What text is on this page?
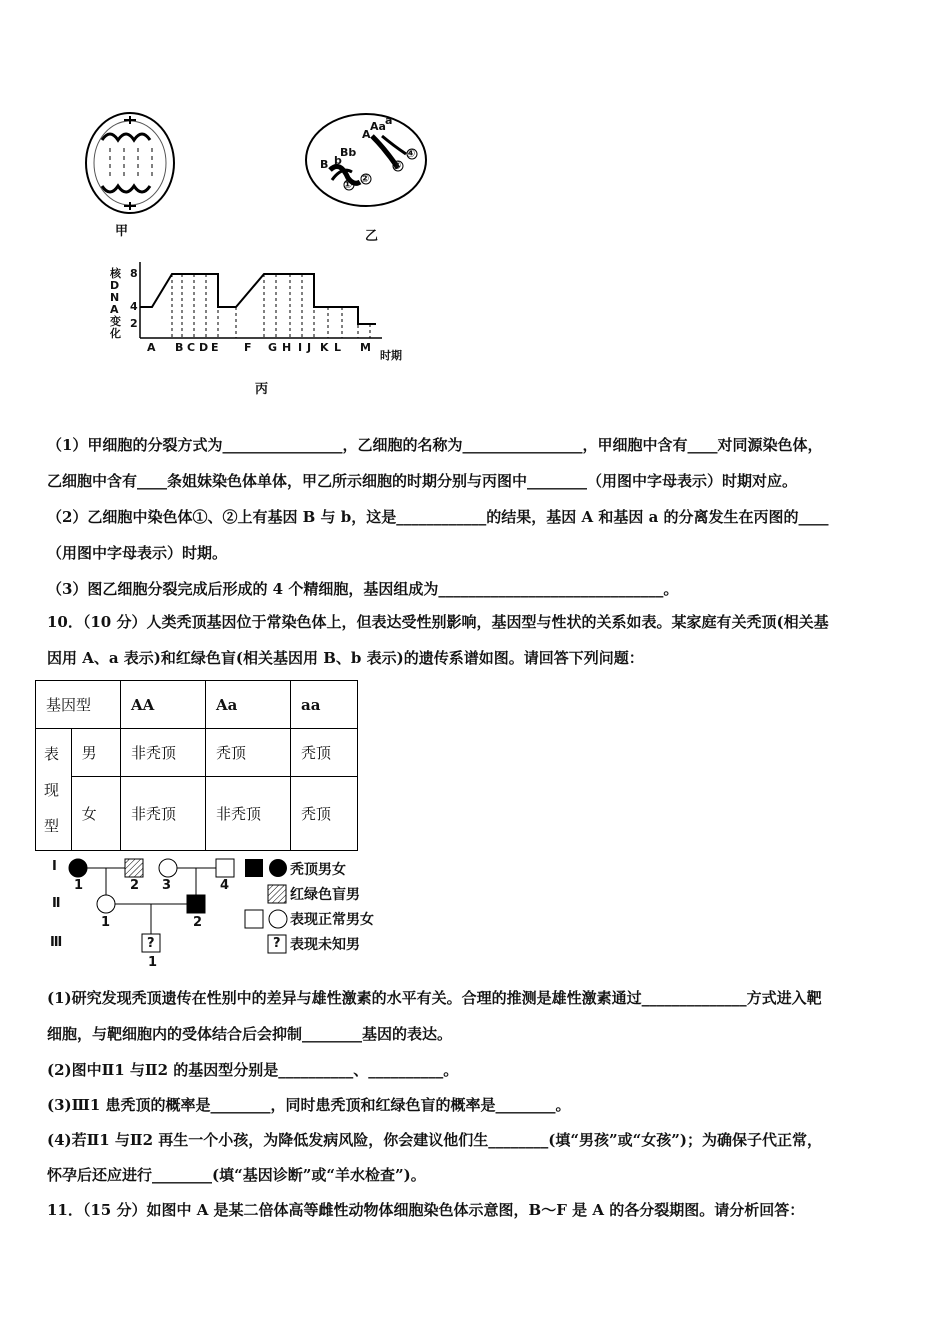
甲
B b
Bb
A
Aa a
① ②
③
④
乙
核DNA变化
8
4
2
A B C D E F G H I J K L M
时期
丙
（1）甲细胞的分裂方式为________________，乙细胞的名称为________________，甲细胞中含有____对同源染色体，
乙细胞中含有____条姐妹染色体单体，甲乙所示细胞的时期分别与丙图中________（用图中字母表示）时期对应。
（2）乙细胞中染色体①、②上有基因 B 与 b，这是____________的结果，基因 A 和基因 a 的分离发生在丙图的____
（用图中字母表示）时期。
（3）图乙细胞分裂完成后形成的 4 个精细胞，基因组成为______________________________。
10．（10 分）人类秃顶基因位于常染色体上，但表达受性别影响，基因型与性状的关系如表。某家庭有关秃顶(相关基
因用 A、a 表示)和红绿色盲(相关基因用 B、b 表示)的遗传系谱如图。请回答下列问题：
基因型		AA	Aa	aa

表
现
型	男	非秃顶	秃顶	秃顶
	女	非秃顶	非秃顶	秃顶
Ⅰ
Ⅱ
Ⅲ
1	2 3	4
1	2
?
1
?
秃顶男女
红绿色盲男
表现正常男女
表现未知男
(1)研究发现秃顶遗传在性别中的差异与雄性激素的水平有关。合理的推测是雄性激素通过______________方式进入靶
细胞，与靶细胞内的受体结合后会抑制________基因的表达。
(2)图中Ⅱ1 与Ⅱ2 的基因型分别是__________、__________。
(3)Ⅲ1 患秃顶的概率是________，同时患秃顶和红绿色盲的概率是________。
(4)若Ⅱ1 与Ⅱ2 再生一个小孩，为降低发病风险，你会建议他们生________(填“男孩”或“女孩”)；为确保子代正常，
怀孕后还应进行________(填“基因诊断”或“羊水检查”)。
11．（15 分）如图中 A 是某二倍体高等雌性动物体细胞染色体示意图，B～F 是 A 的各分裂期图。请分析回答：
